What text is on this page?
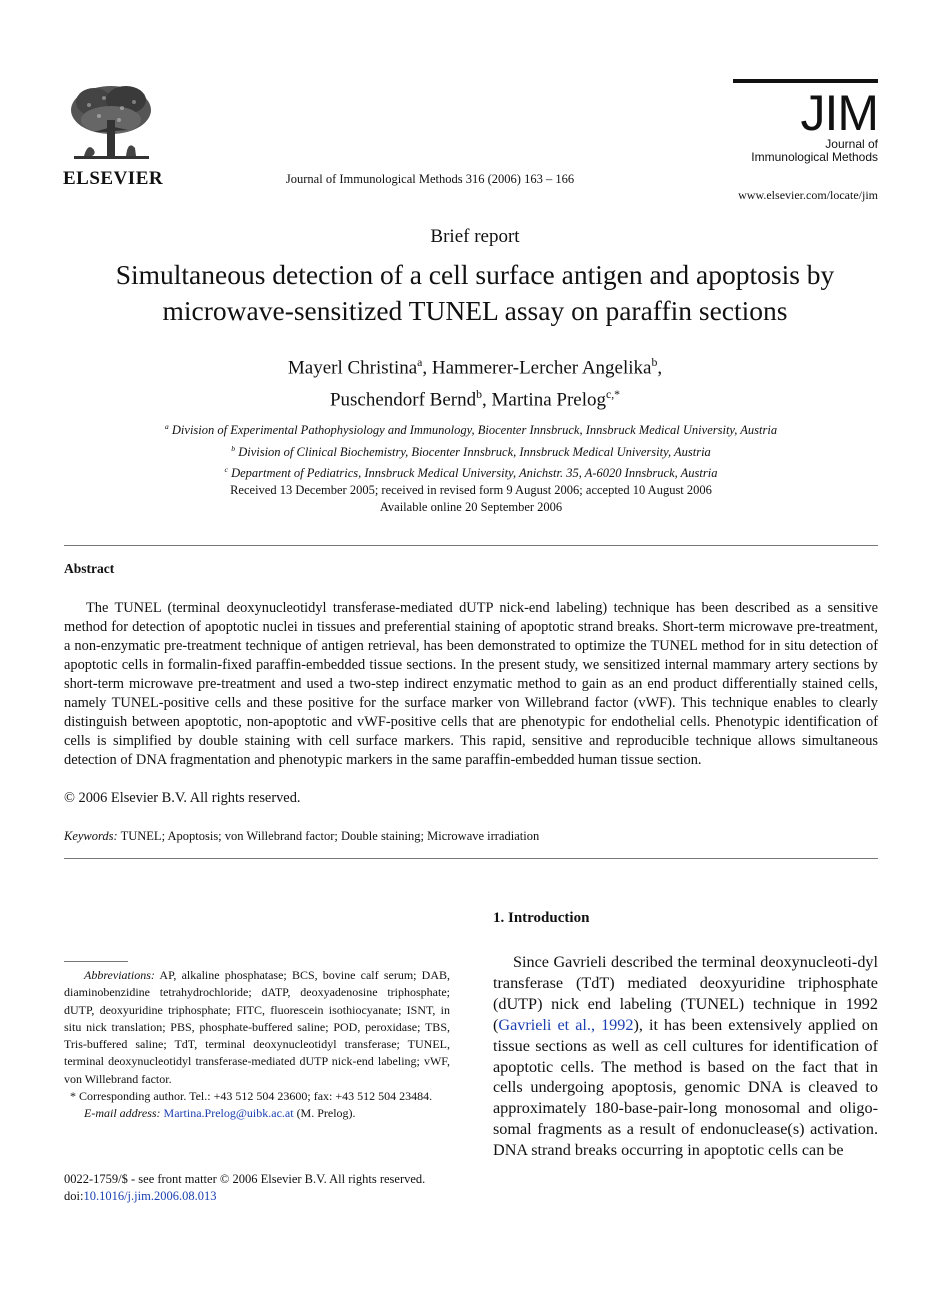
ELSEVIER	Journal of Immunological Methods 316 (2006) 163 – 166
JIM
Journal of
Immunological Methods
www.elsevier.com/locate/jim
Brief report
Simultaneous detection of a cell surface antigen and apoptosis by
microwave-sensitized TUNEL assay on paraffin sections
Mayerl Christina$^a$, Hammerer-Lercher Angelika$^b$,
Puschendorf Bernd$^b$, Martina Prelog$^{c,*}$
$^a$ Division of Experimental Pathophysiology and Immunology, Biocenter Innsbruck, Innsbruck Medical University, Austria
$^b$ Division of Clinical Biochemistry, Biocenter Innsbruck, Innsbruck Medical University, Austria
$^c$ Department of Pediatrics, Innsbruck Medical University, Anichstr. 35, A-6020 Innsbruck, Austria
Received 13 December 2005; received in revised form 9 August 2006; accepted 10 August 2006
Available online 20 September 2006
Abstract

The TUNEL (terminal deoxynucleotidyl transferase-mediated dUTP nick-end labeling) technique has been described as a sensitive method for detection of apoptotic nuclei in tissues and preferential staining of apoptotic strand breaks. Short-term microwave pre-treatment, a non-enzymatic pre-treatment technique of antigen retrieval, has been demonstrated to optimize the TUNEL method for in situ detection of apoptotic cells in formalin-fixed paraffin-embedded tissue sections. In the present study, we sensitized internal mammary artery sections by short-term microwave pre-treatment and used a two-step indirect enzymatic method to gain as an end product differentially stained cells, namely TUNEL-positive cells and these positive for the surface marker von Willebrand factor (vWF). This technique enables to clearly distinguish between apoptotic, non-apoptotic and vWF-positive cells that are phenotypic for endothelial cells. Phenotypic identification of cells is simplified by double staining with cell surface markers. This rapid, sensitive and reproducible technique allows simultaneous detection of DNA fragmentation and phenotypic markers in the same paraffin-embedded human tissue section.

© 2006 Elsevier B.V. All rights reserved.
Keywords: TUNEL; Apoptosis; von Willebrand factor; Double staining; Microwave irradiation

Abbreviations: AP, alkaline phosphatase; BCS, bovine calf serum; DAB, diaminobenzidine tetrahydrochloride; dATP, deoxyadenosine triphosphate; dUTP, deoxyuridine triphosphate; FITC, fluorescein isothiocyanate; ISNT, in situ nick translation; PBS, phosphate-buffered saline; POD, peroxidase; TBS, Tris-buffered saline; TdT, terminal deoxynucleotidyl transferase; TUNEL, terminal deoxynucleotidyl transferase-mediated dUTP nick-end labeling; vWF, von Willebrand factor.

* Corresponding author. Tel.: +43 512 504 23600; fax: +43 512 504 23484.

E-mail address: Martina.Prelog@uibk.ac.at (M. Prelog).

0022-1759/$ - see front matter © 2006 Elsevier B.V. All rights reserved.
doi:10.1016/j.jim.2006.08.013
1. Introduction

Since Gavrieli described the terminal deoxynucleoti-dyl transferase (TdT) mediated deoxyuridine triphosphate (dUTP) nick end labeling (TUNEL) technique in 1992 (Gavrieli et al., 1992), it has been extensively applied on tissue sections as well as cell cultures for identification of apoptotic cells. The method is based on the fact that in cells undergoing apoptosis, genomic DNA is cleaved to approximately 180-base-pair-long monosomal and oligo-somal fragments as a result of endonuclease(s) activation. DNA strand breaks occurring in apoptotic cells can be
